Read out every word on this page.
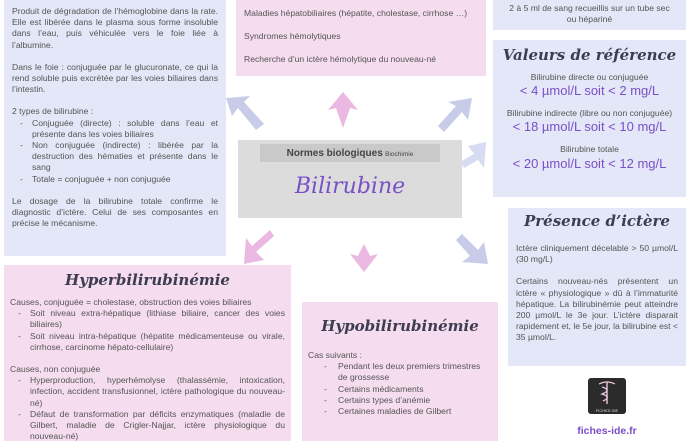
Produit de dégradation de l’hémoglobine dans la rate. Elle est libérée dans le plasma sous forme insoluble dans l’eau, puis véhiculée vers le foie liée à l’albumine.

Dans le foie : conjuguée par le glucuronate, ce qui la rend soluble puis excrétée par les voies biliaires dans l’intestin.

2 types de bilirubine :

- Conjuguée (directe) : soluble dans l’eau et présente dans les voies biliaires
- Non conjuguée (indirecte) : libérée par la destruction des hématies et présente dans le sang
- Totale = conjuguée + non conjuguée

Le dosage de la bilirubine totale confirme le diagnostic d’ictère. Celui de ses composantes en précise le mécanisme.

Maladies hépatobiliaires (hépatite, cholestase, cirrhose …)

Syndromes hémolytiques

Recherche d’un ictère hémolytique du nouveau-né

2 à 5 ml de sang recueillis sur un tube sec ou hépariné

Valeurs de référence
Bilirubine directe ou conjuguée
< 4 µmol/L soit < 2 mg/L
Bilirubine indirecte (libre ou non conjuguée)
< 18 µmol/L soit < 10 mg/L
Bilirubine totale
< 20 µmol/L soit < 12 mg/L
Présence d’ictère

Ictère cliniquement décelable > 50 µmol/L (30 mg/L)

Certains nouveau-nés présentent un ictère « physiologique » dû à l’immaturité hépatique. La bilirubinémie peut atteindre 200 µmol/L le 3e jour. L’ictère disparait rapidement et, le 5e jour, la bilirubine est < 35 µmol/L.

Normes biologiques Biochimie
Bilirubine
Hyperbilirubinémie

Causes, conjuguée = cholestase, obstruction des voies biliaires

- Soit niveau extra-hépatique (lithiase biliaire, cancer des voies biliaires)
- Soit niveau intra-hépatique (hépatite médicamenteuse ou virale, cirrhose, carcinome hépato-cellulaire)

Causes, non conjuguée

- Hyperproduction, hyperhémolyse (thalassémie, intoxication, infection, accident transfusionnel, ictère pathologique du nouveau-né)
- Défaut de transformation par déficits enzymatiques (maladie de Gilbert, maladie de Crigler-Najjar, ictère physiologique du nouveau-né)
Hypobilirubinémie

Cas suivants :

- Pendant les deux premiers trimestres de grossesse
- Certains médicaments
- Certains types d’anémie
- Certaines maladies de Gilbert	FICHES IDE
fiches-ide.fr
